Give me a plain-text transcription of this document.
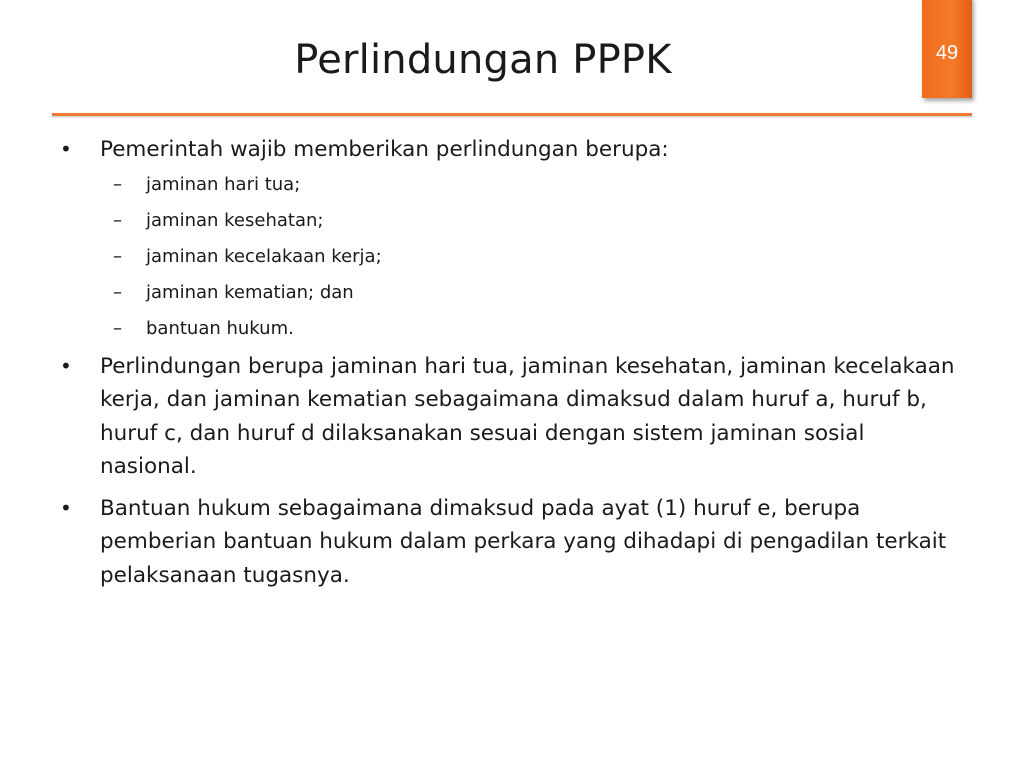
Perlindungan PPPK	49
• Pemerintah wajib memberikan perlindungan berupa:
– jaminan hari tua;
– jaminan kesehatan;
– jaminan kecelakaan kerja;
– jaminan kematian; dan
– bantuan hukum.
• Perlindungan berupa jaminan hari tua, jaminan kesehatan, jaminan kecelakaan kerja, dan jaminan kematian sebagaimana dimaksud dalam huruf a, huruf b, huruf c, dan huruf d dilaksanakan sesuai dengan sistem jaminan sosial nasional.
• Bantuan hukum sebagaimana dimaksud pada ayat (1) huruf e, berupa pemberian bantuan hukum dalam perkara yang dihadapi di pengadilan terkait pelaksanaan tugasnya.
